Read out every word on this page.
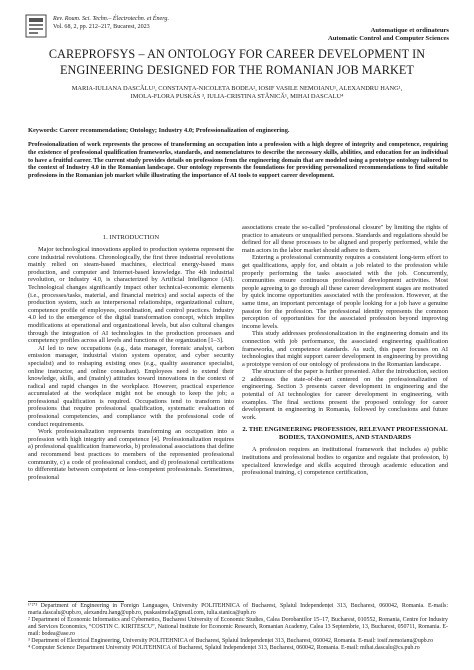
Rev. Roum. Sci. Techn.– Électrotechn. et Énerg.
Vol. 68, 2, pp. 212–217, Bucarest, 2023	Automatique et ordinateurs
Automatic Control and Computer Sciences
CAREPROFSYS – AN ONTOLOGY FOR CAREER DEVELOPMENT IN
ENGINEERING DESIGNED FOR THE ROMANIAN JOB MARKET
MARIA-IULIANA DASCĂLU¹, CONSTANȚA-NICOLETA BODEA², IOSIF VASILE NEMOIANU¹, ALEXANDRU HANG¹,
IMOLA-FLORA PUSKÁS ³, IULIA-CRISTINA STĂNICĂ¹, MIHAI DASCALU⁴
Keywords: Career recommendation; Ontology; Industry 4.0; Professionalization of engineering.
Professionalization of work represents the process of transforming an occupation into a profession with a high degree of integrity and competence, requiring the existence of professional qualification frameworks, standards, and nomenclatures to describe the necessary skills, abilities, and education for an individual to have a fruitful career. The current study provides details on professions from the engineering domain that are modeled using a prototype ontology tailored to the context of Industry 4.0 in the Romanian landscape. Our ontology represents the foundations for providing personalized recommendations to find suitable professions in the Romanian job market while illustrating the importance of AI tools to support career development.
1. INTRODUCTION

Major technological innovations applied to production systems represent the core industrial revolutions. Chronologically, the first three industrial revolutions mainly relied on steam-based machines, electrical energy-based mass production, and computer and Internet-based knowledge. The 4th industrial revolution, or Industry 4.0, is characterized by Artificial Intelligence (AI). Technological changes significantly impact other technical-economic elements (i.e., processes/tasks, material, and financial metrics) and social aspects of the production system, such as interpersonal relationships, organizational culture, competence profile of employees, coordination, and control practices. Industry 4.0 led to the emergence of the digital transformation concept, which implies modifications at operational and organizational levels, but also cultural changes through the integration of AI technologies in the production processes and competency profiles across all levels and functions of the organization [1–3].

AI led to new occupations (e.g., data manager, forensic analyst, carbon emission manager, industrial vision system operator, and cyber security specialist) and to reshaping existing ones (e.g., quality assurance specialist, online instructor, and online consultant). Employees need to extend their knowledge, skills, and (mainly) attitudes toward innovations in the context of radical and rapid changes in the workplace. However, practical experience accumulated at the workplace might not be enough to keep the job; a professional qualification is required. Occupations tend to transform into professions that require professional qualification, systematic evaluation of professional competencies, and compliance with the professional code of conduct requirements.

Work professionalization represents transforming an occupation into a profession with high integrity and competence [4]. Professionalization requires a) professional qualification frameworks, b) professional associations that define and recommend best practices to members of the represented professional community, c) a code of professional conduct, and d) professional certifications to differentiate between competent or less-competent professionals. Sometimes, professional

associations create the so-called "professional closure" by limiting the rights of practice to amateurs or unqualified persons. Standards and regulations should be defined for all these processes to be aligned and properly performed, while the main actors in the labor market should adhere to them.

Entering a professional community requires a consistent long-term effort to get qualifications, apply for, and obtain a job related to the profession while properly performing the tasks associated with the job. Concurrently, communities ensure continuous professional development activities. Most people agreeing to go through all these career development stages are motivated by quick income opportunities associated with the profession. However, at the same time, an important percentage of people looking for a job have a genuine passion for the profession. The professional identity represents the common perception of opportunities for the associated profession beyond improving income levels.

This study addresses professionalization in the engineering domain and its connection with job performance, the associated engineering qualification frameworks, and competence standards. As such, this paper focuses on AI technologies that might support career development in engineering by providing a prototype version of our ontology of professions in the Romanian landscape.

The structure of the paper is further presented. After the introduction, section 2 addresses the state-of-the-art centered on the professionalization of engineering. Section 3 presents career development in engineering and the potential of AI technologies for career development in engineering, with examples. The final sections present the proposed ontology for career development in engineering in Romania, followed by conclusions and future work.

2. THE ENGINEERING PROFESSION, RELEVANT PROFESSIONAL BODIES, TAXONOMIES, AND STANDARDS

A profession requires an institutional framework that includes a) public institutions and professional bodies to organize and regulate that profession, b) specialized knowledge and skills acquired through academic education and professional training, c) competence certification,

¹ʼ²ʼ³ Department of Engineering in Foreign Languages, University POLITEHNICA of Bucharest, Splaiul Independenței 313, Bucharest, 060042, Romania. E-mails: maria.dascalu@upb.ro, alexandru.hang@upb.ro, puskasimola@gmail.com, iulia.stanica@upb.ro
² Department of Economic Informatics and Cybernetics, Bucharest University of Economic Studies, Calea Dorobantilor 15–17, Bucharest, 010552, Romania, Centre for Industry and Services Economics, “COSTIN C. KIRITESCU”, National Institute for Economic Research, Romanian Academy, Calea 13 Septembrie, 13, Bucharest, 050711, Romania. E-mail: bodea@ase.ro
³ Department of Electrical Engineering, University POLITEHNICA of Bucharest, Splaiul Independenței 313, Bucharest, 060042, Romania. E-mail: iosif.nemoianu@upb.ro
⁴ Computer Science Department University POLITEHNICA of Bucharest, Splaiul Independenței 313, Bucharest, 060042, Romania. E-mail: mihai.dascalu@cs.pub.ro
